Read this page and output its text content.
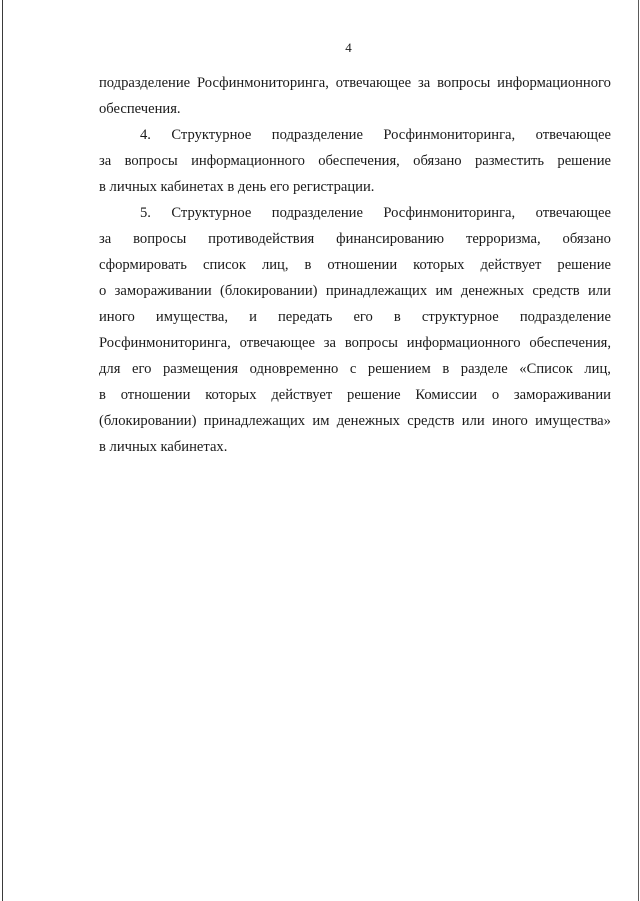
4
подразделение Росфинмониторинга, отвечающее за вопросы информационного
обеспечения.
4. Структурное подразделение Росфинмониторинга, отвечающее
за вопросы информационного обеспечения, обязано разместить решение
в личных кабинетах в день его регистрации.
5. Структурное подразделение Росфинмониторинга, отвечающее
за вопросы противодействия финансированию терроризма, обязано
сформировать список лиц, в отношении которых действует решение
о замораживании (блокировании) принадлежащих им денежных средств или
иного имущества, и передать его в структурное подразделение
Росфинмониторинга, отвечающее за вопросы информационного обеспечения,
для его размещения одновременно с решением в разделе «Список лиц,
в отношении которых действует решение Комиссии о замораживании
(блокировании) принадлежащих им денежных средств или иного имущества»
в личных кабинетах.
